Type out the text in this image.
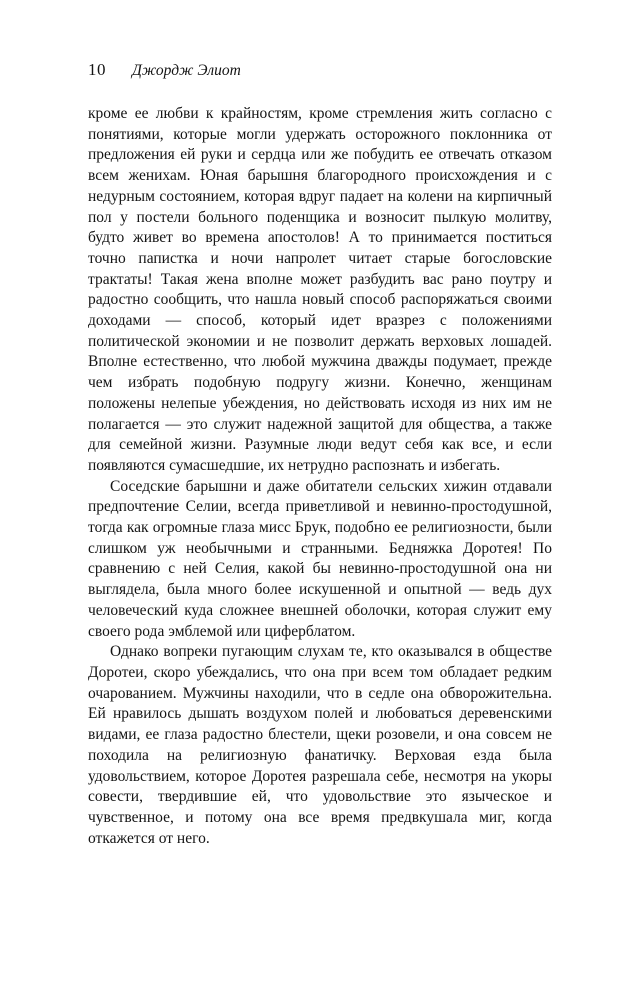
10 Джордж Элиот

кроме ее любви к крайностям, кроме стремления жить согласно с понятиями, которые могли удержать осторожного поклонника от предложения ей руки и сердца или же побудить ее отвечать отказом всем женихам. Юная барышня благородного происхождения и с недурным состоянием, которая вдруг падает на колени на кирпичный пол у постели больного поденщика и возносит пылкую молитву, будто живет во времена апостолов! А то принимается поститься точно папистка и ночи напролет читает старые богословские трактаты! Такая жена вполне может разбудить вас рано поутру и радостно сообщить, что нашла новый способ распоряжаться своими доходами — способ, который идет вразрез с положениями политической экономии и не позволит держать верховых лошадей. Вполне естественно, что любой мужчина дважды подумает, прежде чем избрать подобную подругу жизни. Конечно, женщинам положены нелепые убеждения, но действовать исходя из них им не полагается — это служит надежной защитой для общества, а также для семейной жизни. Разумные люди ведут себя как все, и если появляются сумасшедшие, их нетрудно распознать и избегать.

Соседские барышни и даже обитатели сельских хижин отдавали предпочтение Селии, всегда приветливой и невинно-простодушной, тогда как огромные глаза мисс Брук, подобно ее религиозности, были слишком уж необычными и странными. Бедняжка Доротея! По сравнению с ней Селия, какой бы невинно-простодушной она ни выглядела, была много более искушенной и опытной — ведь дух человеческий куда сложнее внешней оболочки, которая служит ему своего рода эмблемой или циферблатом.

Однако вопреки пугающим слухам те, кто оказывался в обществе Доротеи, скоро убеждались, что она при всем том обладает редким очарованием. Мужчины находили, что в седле она обворожительна. Ей нравилось дышать воздухом полей и любоваться деревенскими видами, ее глаза радостно блестели, щеки розовели, и она совсем не походила на религиозную фанатичку. Верховая езда была удовольствием, которое Доротея разрешала себе, несмотря на укоры совести, твердившие ей, что удовольствие это языческое и чувственное, и потому она все время предвкушала миг, когда откажется от него.
